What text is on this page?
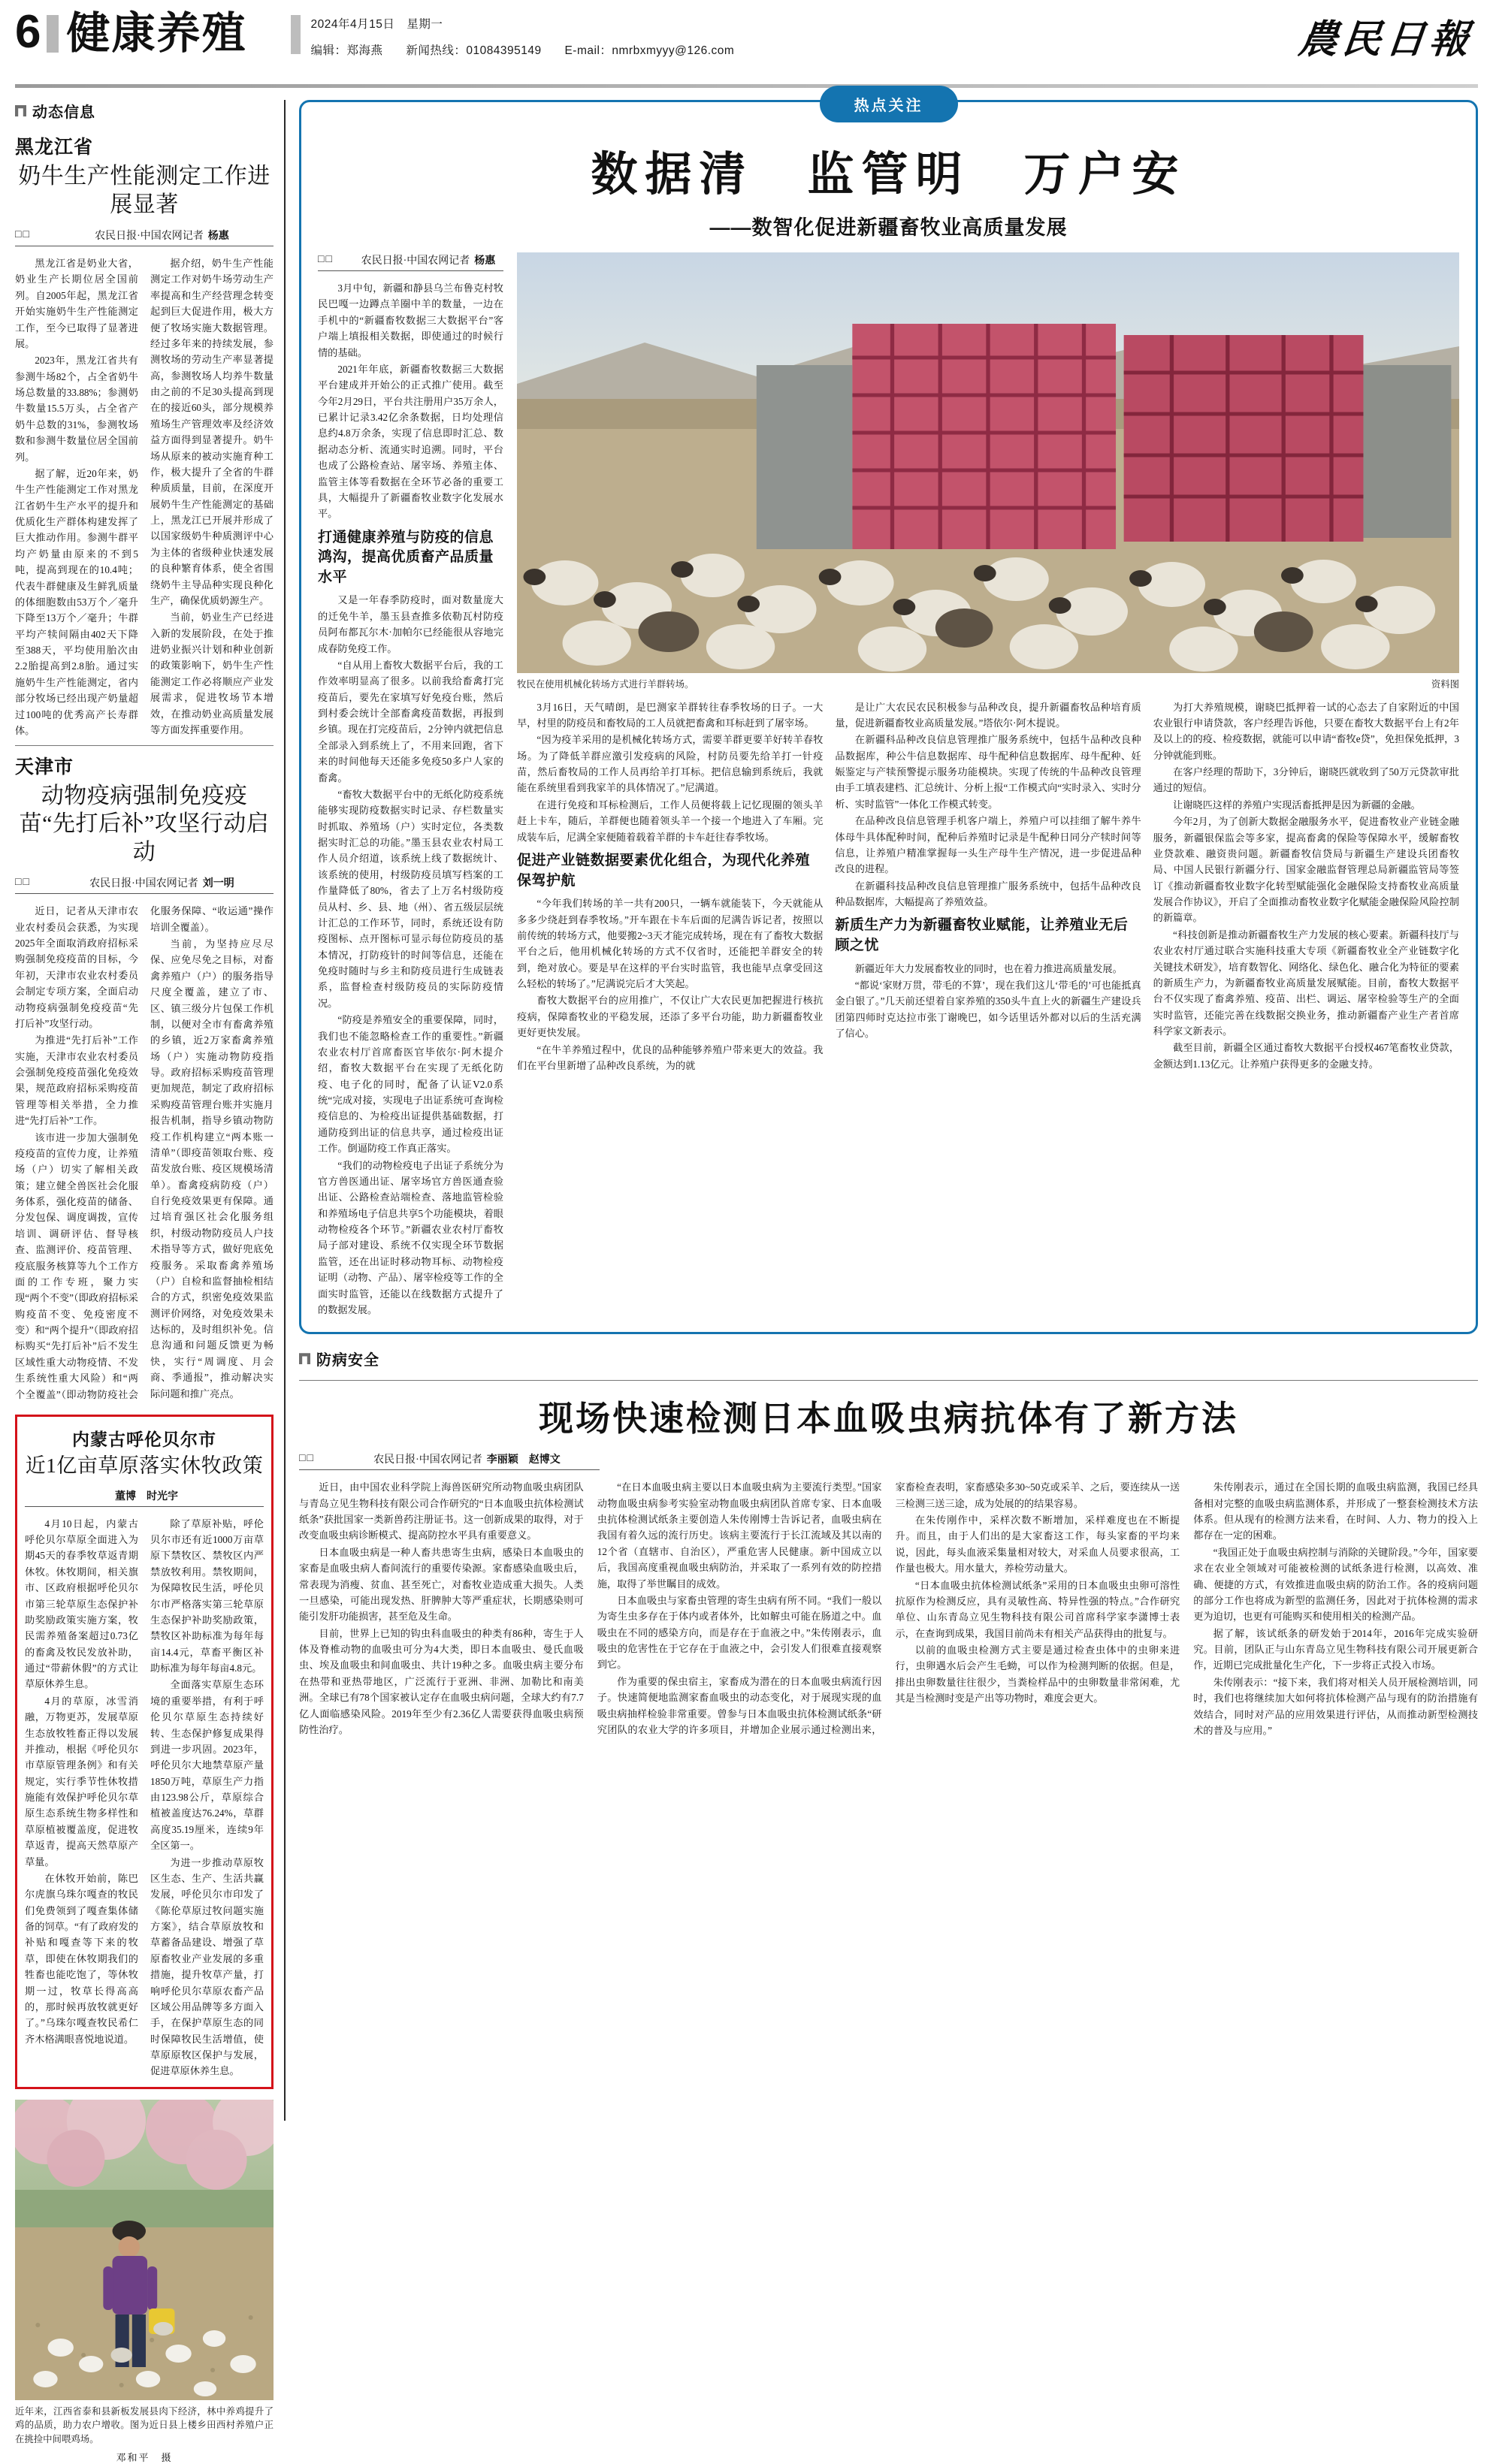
6 健康养殖	2024年4月15日　星期一
编辑：郑海燕 新闻热线：01084395149 E-mail：nmrbxmyyy@126.com	農民日報
动态信息
黑龙江省
奶牛生产性能测定工作进展显著
□□	农民日报·中国农网记者 杨惠

黑龙江省是奶业大省，奶业生产长期位居全国前列。自2005年起，黑龙江省开始实施奶牛生产性能测定工作，至今已取得了显著进展。

2023年，黑龙江省共有参测牛场82个，占全省奶牛场总数量的33.88%；参测奶牛数量15.5万头，占全省产奶牛总数的31%，参测牧场数和参测牛数量位居全国前列。

据了解，近20年来，奶牛生产性能测定工作对黑龙江省奶牛生产水平的提升和优质化生产群体构建发挥了巨大推动作用。参测牛群平均产奶量由原来的不到5吨，提高到现在的10.4吨；代表牛群健康及生鲜乳质量的体细胞数由53万个／毫升下降至13万个／毫升；牛群平均产犊间隔由402天下降至388天，平均使用胎次由2.2胎提高到2.8胎。通过实施奶牛生产性能测定，省内部分牧场已经出现产奶量超过100吨的优秀高产长寿群体。

据介绍，奶牛生产性能测定工作对奶牛场劳动生产率提高和生产经营理念转变起到巨大促进作用，极大方便了牧场实施大数据管理。经过多年来的持续发展，参测牧场的劳动生产率显著提高，参测牧场人均养牛数量由之前的不足30头提高到现在的接近60头，部分规模养殖场生产管理效率及经济效益方面得到显著提升。奶牛场从原来的被动实施育种工作，极大提升了全省的牛群种质质量，目前，在深度开展奶牛生产性能测定的基础上，黑龙江已开展并形成了以国家级奶牛种质测评中心为主体的省级种业快速发展的良种繁育体系，使全省围绕奶牛主导品种实现良种化生产，确保优质奶源生产。

当前，奶业生产已经进入新的发展阶段，在处于推进奶业振兴计划和种业创新的政策影响下，奶牛生产性能测定工作必将顺应产业发展需求，促进牧场节本增效，在推动奶业高质量发展等方面发挥重要作用。

天津市
动物疫病强制免疫疫苗“先打后补”攻坚行动启动
□□	农民日报·中国农网记者 刘一明

近日，记者从天津市农业农村委员会获悉，为实现2025年全面取消政府招标采购强制免疫疫苗的目标，今年初，天津市农业农村委员会制定专项方案，全面启动动物疫病强制免疫疫苗“先打后补”攻坚行动。

为推进“先打后补”工作实施，天津市农业农村委员会强制免疫疫苗强化免疫效果，规范政府招标采购疫苗管理等相关举措，全力推进“先打后补”工作。

该市进一步加大强制免疫疫苗的宣传力度，让养殖场（户）切实了解相关政策；建立健全兽医社会化服务体系，强化疫苗的储备、分发包保、调度调拨，宣传培训、调研评估、督导核查、监测评价、疫苗管理、疫底服务核算等九个工作方面的工作专班，聚力实现“两个不变”（即政府招标采购疫苗不变、免疫密度不变）和“两个提升”（即政府招标购买“先打后补”后不发生区域性重大动物疫情、不发生系统性重大风险）和“两个全覆盖”（即动物防疫社会化服务保障、“收运通”操作培训全覆盖）。

当前，为坚持应尽尽保、应免尽免之目标，对畜禽养殖户（户）的服务指导尺度全覆盖，建立了市、区、镇三级分片包保工作机制，以便对全市有畜禽养殖的乡镇，近2万家畜禽养殖场（户）实施动物防疫指导。政府招标采购疫苗管理更加规范，制定了政府招标采购疫苗管理台账并实施月报告机制，指导乡镇动物防疫工作机构建立“两本账一清单”（即疫苗领取台账、疫苗发放台账、疫区规模场清单）。畜禽疫病防疫（户）自行免疫效果更有保障。通过培育强区社会化服务组织，村级动物防疫员人户技术指导等方式，做好兜底免疫服务。采取畜禽养殖场（户）自检和监督抽检相结合的方式，织密免疫效果监测评价网络，对免疫效果未达标的，及时组织补免。信息沟通和问题反馈更为畅快，实行“周调度、月会商、季通报”，推动解决实际问题和推广亮点。

内蒙古呼伦贝尔市
近1亿亩草原落实休牧政策
董博　时光宇

4月10日起，内蒙古呼伦贝尔草原全面进入为期45天的春季牧草返青期休牧。休牧期间，相关旗市、区政府根据呼伦贝尔市第三轮草原生态保护补助奖励政策实施方案，牧民需养殖备案超过0.73亿的畜禽及牧民发放补助，通过“带薪休假”的方式让草原休养生息。

4月的草原，冰雪消融，万物更苏，发展草原生态放牧牲畜正得以发展并推动，根据《呼伦贝尔市草原管理条例》和有关规定，实行季节性休牧措施能有效保护呼伦贝尔草原生态系统生物多样性和草原植被覆盖度，促进牧草返青，提高天然草原产草量。

在休牧开始前，陈巴尔虎旗乌珠尔嘎查的牧民们免费领到了嘎查集体储备的饲草。“有了政府发的补贴和嘎查等下来的牧草，即使在休牧期我们的牲畜也能吃饱了，等休牧期一过，牧草长得高高的，那时候再放牧就更好了。”乌珠尔嘎查牧民希仁齐木格满眼喜悦地说道。

除了草原补贴，呼伦贝尔市还有近1000万亩草原下禁牧区、禁牧区内严禁放牧利用。禁牧期间，为保障牧民生活，呼伦贝尔市严格落实第三轮草原生态保护补助奖励政策，禁牧区补助标准为每年每亩14.4元，草畜平衡区补助标准为每年每亩4.8元。

全面落实草原生态环境的重要举措，有利于呼伦贝尔草原生态持续好转、生态保护修复成果得到进一步巩固。2023年，呼伦贝尔大地禁草原产量1850万吨，草原生产力指由123.98公斤，草原综合植被盖度达76.24%，草群高度35.19厘米，连续9年全区第一。

为进一步推动草原牧区生态、生产、生活共赢发展，呼伦贝尔市印发了《陈伦草原过牧问题实施方案》，结合草原放牧和草蓄备品建设、增强了草原畜牧业产业发展的多重措施，提升牧草产量，打响呼伦贝尔草原农畜产品区域公用品牌等多方面入手，在保护草原生态的同时保障牧民生活增值，使草原原牧区保护与发展，促进草原休养生息。

近年来，江西省泰和县新板发展县肉下经济，林中养鸡提升了鸡的品质，助力农户增收。图为近日县上楼乡田西村养殖户正在挑捡中间喂鸡场。
邓和平　摄
热点关注
数据清　监管明　万户安
——数智化促进新疆畜牧业高质量发展
□□	农民日报·中国农网记者 杨惠

3月中旬，新疆和静县乌兰布鲁克村牧民巴嘎一边蹲点羊圈中羊的数量，一边在手机中的“新疆畜牧数据三大数据平台”客户端上填报相关数据，即使通过的时候行情的基础。

2021年年底，新疆畜牧数据三大数据平台建成并开始公的正式推广使用。截至今年2月29日，平台共注册用户35万余人，已累计记录3.42亿余条数据，日均处理信息约4.8万余条，实现了信息即时汇总、数据动态分析、流通实时追溯。同时，平台也成了公路检查站、屠宰场、养殖主体、监管主体等看数据在全环节必备的重要工具，大幅提升了新疆畜牧业数字化发展水平。

打通健康养殖与防疫的信息鸿沟，提高优质畜产品质量水平

又是一年春季防疫时，面对数量庞大的迁免牛羊，墨玉县查推多依勒瓦村防疫员阿布都瓦尔木·加帕尔已经能很从容地完成春防免疫工作。

“自从用上畜牧大数据平台后，我的工作效率明显高了很多。以前我给畜禽打完疫苗后，要先在家填写好免疫台账，然后到村委会统计全部畜禽疫苗数据，再报到乡镇。现在打完疫苗后，2分钟内就把信息全部录入到系统上了，不用来回跑，省下来的时间他每天还能多免疫50多户人家的畜禽。

“畜牧大数据平台中的无纸化防疫系统能够实现防疫数据实时记录、存栏数量实时抓取、养殖场（户）实时定位，各类数据实时汇总的功能。”墨玉县农业农村局工作人员介绍道，该系统上线了数据统计、该系统的使用，村级防疫员填写档案的工作量降低了80%，省去了上万名村级防疫员从村、乡、县、地（州）、省五级层层统计汇总的工作环节，同时，系统还设有防疫图标、点开图标可显示每位防疫员的基本情况，打防疫针的时间等信息，还能在免疫时随时与乡主和防疫员进行生成链表系，监督检查村级防疫员的实际防疫情况。

“防疫是养殖安全的重要保障，同时，我们也不能忽略检查工作的重要性。”新疆农业农村厅首席畜医官毕依尔·阿木提介绍，畜牧大数据平台在实现了无纸化防疫、电子化的同时，配备了认证V2.0系统“完成对接，实现电子出证系统可查询检疫信息的、为检疫出证提供基础数据，打通防疫到出证的信息共享，通过检疫出证工作。倒逼防疫工作真正落实。

“我们的动物检疫电子出证子系统分为官方兽医通出证、屠宰场官方兽医通查验出证、公路检查站端检查、落地监管检验和养殖场电子信息共享5个功能模块，着眼动物检疫各个环节。”新疆农业农村厅畜牧局子部对建设、系统不仅实现全环节数据监管，还在出证时移动物耳标、动物检疫证明（动物、产品）、屠宰检疫等工作的全面实时监管，还能以在线数据方式提升了的数据发展。

牧民在使用机械化转场方式进行羊群转场。	资料图

3月16日，天气晴朗，是巴测家羊群转往春季牧场的日子。一大早，村里的防疫员和畜牧局的工人员就把畜禽和耳标赶到了屠宰场。

“因为疫羊采用的是机械化转场方式，需要羊群更要羊好转羊春牧场。为了降低羊群应激引发疫病的风险，村防员要先给羊打一针疫苗，然后畜牧局的工作人员再给羊打耳标。把信息输到系统后，我就能在系统里看到我家羊的具体情况了。”尼满道。

在进行免疫和耳标检测后，工作人员便将载上记忆现圈的领头羊赶上卡车，随后，羊群便也随着领头羊一个接一个地进入了车厢。完成装车后，尼满全家便随着载着羊群的卡车赶往春季牧场。

促进产业链数据要素优化组合，为现代化养殖保驾护航

“今年我们转场的羊一共有200只，一辆车就能装下，今天就能从多多少绕赶到春季牧场。”开车跟在卡车后面的尼满告诉记者，按照以前传统的转场方式，他要搬2~3天才能完成转场，现在有了畜牧大数据平台之后，他用机械化转场的方式不仅省时，还能把羊群安全的转到，绝对放心。要是早在这样的平台实时监管，我也能早点拿受回这么轻松的转场了。”尼满说完后才大笑起。

畜牧大数据平台的应用推广，不仅让广大农民更加把握进行核抗疫病，保障畜牧业的平稳发展，还添了多平台功能，助力新疆畜牧业更好更快发展。

“在牛羊养殖过程中，优良的品种能够养殖户带来更大的效益。我们在平台里新增了品种改良系统，为的就

是让广大农民农民积极参与品种改良，提升新疆畜牧品种培育质量，促进新疆畜牧业高质量发展。”塔依尔·阿木提说。

在新疆科品种改良信息管理推广服务系统中，包括牛品种改良种品数据库，种公牛信息数据库、母牛配种信息数据库、母牛配种、妊娠鉴定与产犊预警提示服务功能模块。实现了传统的牛品种改良管理由手工填表建档、汇总统计、分析上报“工作模式向“实时录入、实时分析、实时监管”一体化工作模式转变。

在品种改良信息管理手机客户端上，养殖户可以挂细了解牛养牛体母牛具体配种时间，配种后养殖时记录是牛配种日同分产犊时间等信息，让养殖户精准掌握每一头生产母牛生产情况，进一步促进品种改良的进程。

在新疆科技品种改良信息管理推广服务系统中，包括牛品种改良种品数据库，大幅提高了养殖效益。

新质生产力为新疆畜牧业赋能，让养殖业无后顾之忧

新疆近年大力发展畜牧业的同时，也在着力推进高质量发展。

“都说‘家财万贯，带毛的不算’，现在我们这儿‘带毛的’可也能抵真金白银了。”几天前还望着自家养殖的350头牛直上火的新疆生产建设兵团第四师时克达拉市张丁谢晚巴，如今话里话外都对以后的生活充满了信心。

为打大养殖规模，谢晓巴抵押着一试的心态去了自家附近的中国农业银行申请贷款，客户经理告诉他，只要在畜牧大数据平台上有2年及以上的的疫、检疫数据，就能可以申请“畜牧e贷”，免担保免抵押，3分钟就能到账。

在客户经理的帮助下，3分钟后，谢晓匹就收到了50万元贷款审批通过的短信。

让谢晓匹这样的养殖户实现活畜抵押是因为新疆的金融。

今年2月，为了创新大数据金融服务水平，促进畜牧业产业链金融服务，新疆银保监会等多家，提高畜禽的保险等保障水平，缓解畜牧业贷款难、融资贵问题。新疆畜牧信贷局与新疆生产建设兵团畜牧局、中国人民银行新疆分行、国家金融监督管理总局新疆监管局等签订《推动新疆畜牧业数字化转型赋能强化金融保险支持畜牧业高质量发展合作协议》，开启了全面推动畜牧业数字化赋能金融保险风险控制的新篇章。

“科技创新是推动新疆畜牧生产力发展的核心要素。新疆科技厅与农业农村厅通过联合实施科技重大专项《新疆畜牧业全产业链数字化关键技术研发》，培育数智化、网络化、绿色化、融合化为特征的要素的新质生产力，为新疆畜牧业高质量发展赋能。目前，畜牧大数据平台不仅实现了畜禽养殖、疫苗、出栏、调运、屠宰检验等生产的全面实时监管，还能完善在线数据交换业务，推动新疆畜产业生产者首席科学家文新表示。

截至目前，新疆全区通过畜牧大数据平台授权467笔畜牧业贷款，金额达到1.13亿元。让养殖户获得更多的金融支持。

防病安全
现场快速检测日本血吸虫病抗体有了新方法
□□	农民日报·中国农网记者 李丽颖　赵博文

近日，由中国农业科学院上海兽医研究所动物血吸虫病团队与青岛立见生物科技有限公司合作研究的“日本血吸虫抗体检测试纸条”获批国家一类新兽药注册证书。这一创新成果的取得，对于改变血吸虫病诊断模式、提高防控水平具有重要意义。

日本血吸虫病是一种人畜共患寄生虫病，感染日本血吸虫的家畜是血吸虫病人畜间流行的重要传染源。家畜感染血吸虫后，常表现为消瘦、贫血、甚至死亡，对畜牧业造成重大损失。人类一旦感染，可能出现发热、肝脾肿大等严重症状，长期感染则可能引发肝功能损害，甚至危及生命。

目前，世界上已知的钩虫科血吸虫的种类有86种，寄生于人体及脊椎动物的血吸虫可分为4大类，即日本血吸虫、曼氏血吸虫、埃及血吸虫和间血吸虫、共计19种之多。血吸虫病主要分布在热带和亚热带地区，广泛流行于亚洲、非洲、加勒比和南美洲。全球已有78个国家被认定存在血吸虫病问题，全球大约有7.7亿人面临感染风险。2019年至少有2.36亿人需要获得血吸虫病预防性治疗。

“在日本血吸虫病主要以日本血吸虫病为主要流行类型。”国家动物血吸虫病参考实验室动物血吸虫病团队首席专家、日本血吸虫抗体检测试纸条主要创造人朱传刚博士告诉记者，血吸虫病在我国有着久远的流行历史。该病主要流行于长江流域及其以南的12个省（直辖市、自治区），严重危害人民健康。新中国成立以后，我国高度重视血吸虫病防治，并采取了一系列有效的防控措施，取得了举世瞩目的成效。

日本血吸虫与家畜虫管理的寄生虫病有所不同。“我们一般以为寄生虫多存在于体内或者体外，比如解虫可能在肠道之中。血吸虫在不同的感染方向，而是存在于血液之中。”朱传刚表示，血吸虫的危害性在于它存在于血液之中，会引发人们很难直接观察到它。

作为重要的保虫宿主，家畜成为潜在的日本血吸虫病流行因子。快速简便地监测家畜血吸虫的动态变化，对于展现实现的血吸虫病抽样检验非常重要。曾参与日本血吸虫抗体检测试纸条“研究团队的农业大学的许多项目，并增加企业展示通过检测出来，家畜检查表明，家畜感染多30~50克或采羊、之后，要连续从一送三检测三送三途，成为处展的的结果容易。

在朱传刚作中，采样次数不断增加，采样难度也在不断提升。而且，由于人们出的是大家畜这工作，每头家畜的平均来说，因此，每头血液采集量相对较大，对采血人员要求很高，工作量也极大。用水量大，养检劳动量大。

“日本血吸虫抗体检测试纸条”采用的日本血吸虫虫卵可溶性抗原作为检测反应，具有灵敏性高、特异性强的特点。”合作研究单位、山东青岛立见生物科技有限公司首席科学家李潇博士表示，在查询到成果，我国目前尚未有相关产品获得由的批复与。

以前的血吸虫检测方式主要是通过检查虫体中的虫卵来进行，虫卵遇水后会产生毛蚴，可以作为检测判断的依据。但是，排出虫卵数量往往很少，当粪检样品中的虫卵数量非常闲难，尤其是当检测时变是产出等功物时，难度会更大。

朱传刚表示，通过在全国长期的血吸虫病监测，我国已经具备相对完整的血吸虫病监测体系，并形成了一整套检测技术方法体系。但从现有的检测方法来看，在时间、人力、物力的投入上都存在一定的困难。

“我国正处于血吸虫病控制与消除的关键阶段。”今年，国家要求在农业全领域对可能被检测的试纸条进行检测，以高效、准确、便捷的方式，有效推进血吸虫病的防治工作。各的疫病问题的部分工作也将成为新型的监测任务，因此对于抗体检测的需求更为迫切，也更有可能购买和使用相关的检测产品。

据了解，该试纸条的研发始于2014年，2016年完成实验研究。目前，团队正与山东青岛立见生物科技有限公司开展更新合作，近期已完成批量化生产化，下一步将正式投入市场。

朱传刚表示：“接下来，我们将对相关人员开展检测培训，同时，我们也将继续加大如何将抗体检测产品与现有的防治措施有效结合，同时对产品的应用效果进行评估，从而推动新型检测技术的普及与应用。”
